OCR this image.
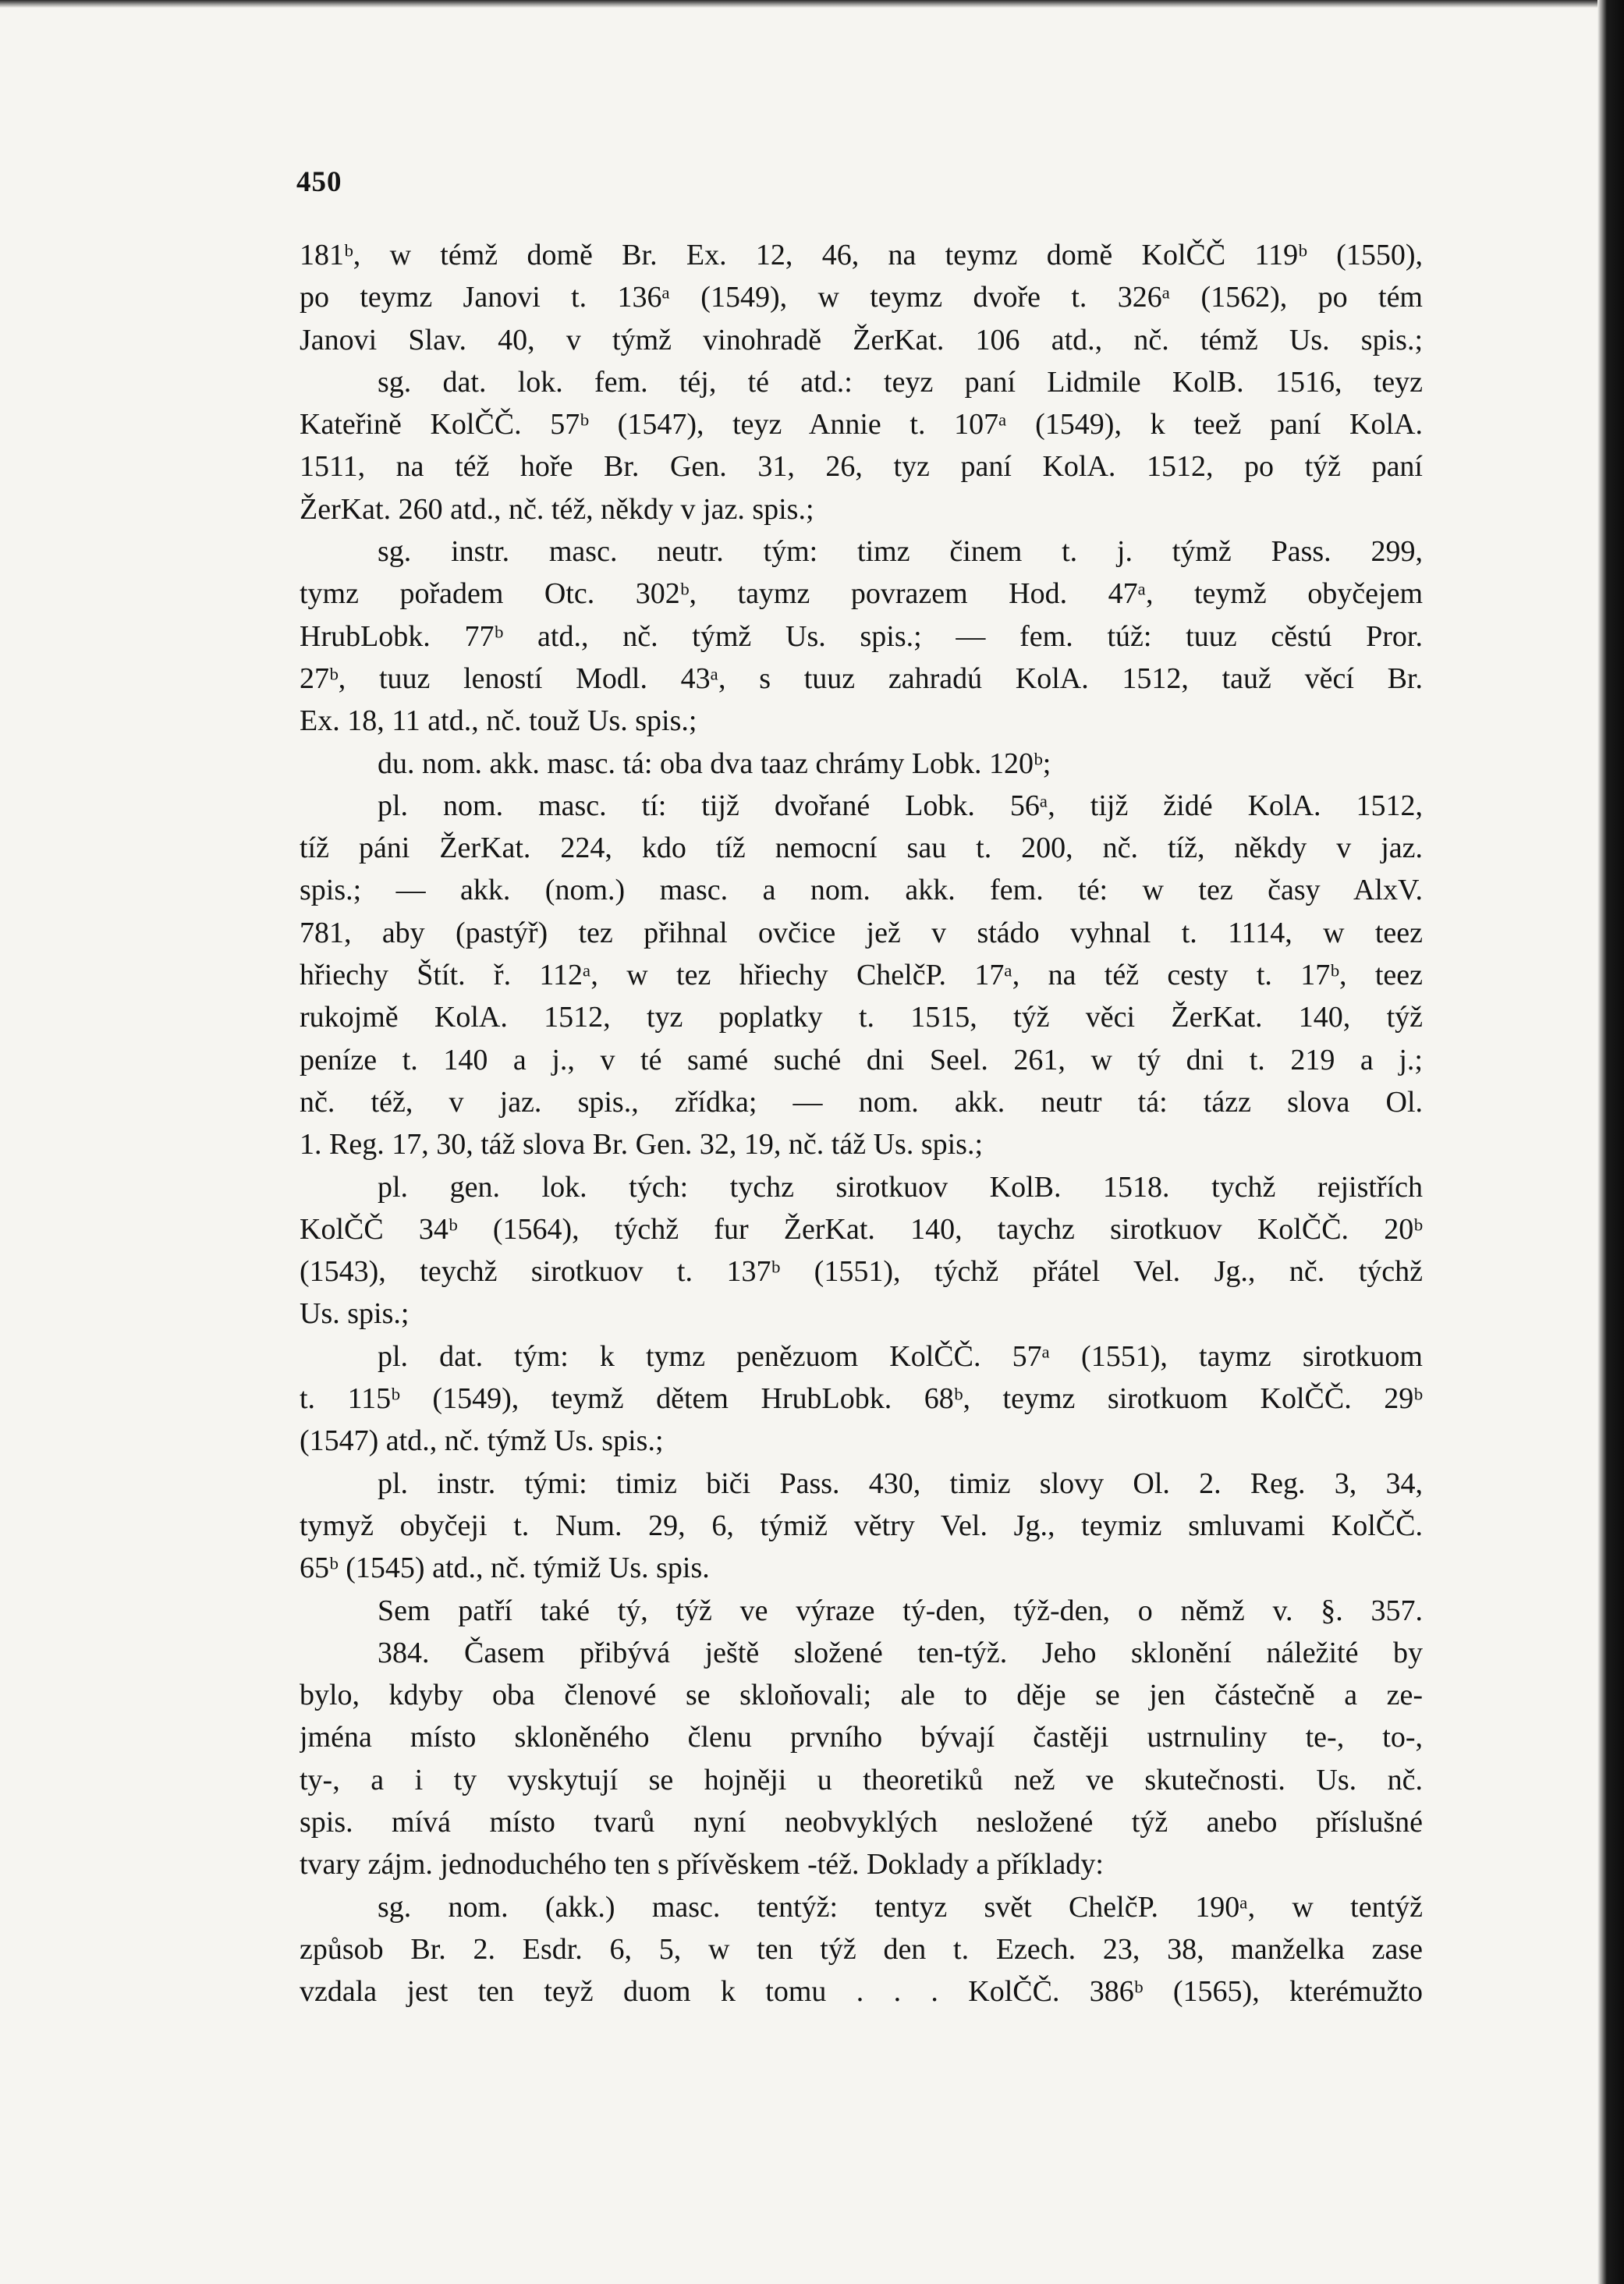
450
181ᵇ, w témž domě Br. Ex. 12, 46, na teymz domě KolČČ 119ᵇ (1550),
po teymz Janovi t. 136ᵃ (1549), w teymz dvoře t. 326ᵃ (1562), po tém
Janovi Slav. 40, v týmž vinohradě ŽerKat. 106 atd., nč. témž Us. spis.;
sg. dat. lok. fem. téj, té atd.: teyz paní Lidmile KolB. 1516, teyz
Kateřině KolČČ. 57ᵇ (1547), teyz Annie t. 107ᵃ (1549), k teež paní KolA.
1511, na též hoře Br. Gen. 31, 26, tyz paní KolA. 1512, po týž paní
ŽerKat. 260 atd., nč. též, někdy v jaz. spis.;
sg. instr. masc. neutr. tým: timz činem t. j. týmž Pass. 299,
tymz pořadem Otc. 302ᵇ, taymz povrazem Hod. 47ᵃ, teymž obyčejem
HrubLobk. 77ᵇ atd., nč. týmž Us. spis.; — fem. túž: tuuz cěstú Pror.
27ᵇ, tuuz leností Modl. 43ᵃ, s tuuz zahradú KolA. 1512, tauž věcí Br.
Ex. 18, 11 atd., nč. touž Us. spis.;
du. nom. akk. masc. tá: oba dva taaz chrámy Lobk. 120ᵇ;
pl. nom. masc. tí: tijž dvořané Lobk. 56ᵃ, tijž židé KolA. 1512,
tíž páni ŽerKat. 224, kdo tíž nemocní sau t. 200, nč. tíž, někdy v jaz.
spis.; — akk. (nom.) masc. a nom. akk. fem. té: w tez časy AlxV.
781, aby (pastýř) tez přihnal ovčice jež v stádo vyhnal t. 1114, w teez
hřiechy Štít. ř. 112ᵃ, w tez hřiechy ChelčP. 17ᵃ, na též cesty t. 17ᵇ, teez
rukojmě KolA. 1512, tyz poplatky t. 1515, týž věci ŽerKat. 140, týž
peníze t. 140 a j., v té samé suché dni Seel. 261, w tý dni t. 219 a j.;
nč. též, v jaz. spis., zřídka; — nom. akk. neutr tá: tázz slova Ol.
1. Reg. 17, 30, táž slova Br. Gen. 32, 19, nč. táž Us. spis.;
pl. gen. lok. tých: tychz sirotkuov KolB. 1518. tychž rejistřích
KolČČ 34ᵇ (1564), týchž fur ŽerKat. 140, taychz sirotkuov KolČČ. 20ᵇ
(1543), teychž sirotkuov t. 137ᵇ (1551), týchž přátel Vel. Jg., nč. týchž
Us. spis.;
pl. dat. tým: k tymz penězuom KolČČ. 57ᵃ (1551), taymz sirotkuom
t. 115ᵇ (1549), teymž dětem HrubLobk. 68ᵇ, teymz sirotkuom KolČČ. 29ᵇ
(1547) atd., nč. týmž Us. spis.;
pl. instr. tými: timiz biči Pass. 430, timiz slovy Ol. 2. Reg. 3, 34,
tymyž obyčeji t. Num. 29, 6, týmiž větry Vel. Jg., teymiz smluvami KolČČ.
65ᵇ (1545) atd., nč. týmiž Us. spis.
Sem patří také tý, týž ve výraze tý-den, týž-den, o němž v. §. 357.
384. Časem přibývá ještě složené ten-týž. Jeho sklonění náležité by
bylo, kdyby oba členové se skloňovali; ale to děje se jen částečně a ze-
jména místo skloněného členu prvního bývají častěji ustrnuliny te-, to-,
ty-, a i ty vyskytují se hojněji u theoretiků než ve skutečnosti. Us. nč.
spis. mívá místo tvarů nyní neobvyklých nesložené týž anebo příslušné
tvary zájm. jednoduchého ten s přívěskem -též. Doklady a příklady:
sg. nom. (akk.) masc. tentýž: tentyz svět ChelčP. 190ᵃ, w tentýž
způsob Br. 2. Esdr. 6, 5, w ten týž den t. Ezech. 23, 38, manželka zase
vzdala jest ten teyž duom k tomu . . . KolČČ. 386ᵇ (1565), kterémužto
